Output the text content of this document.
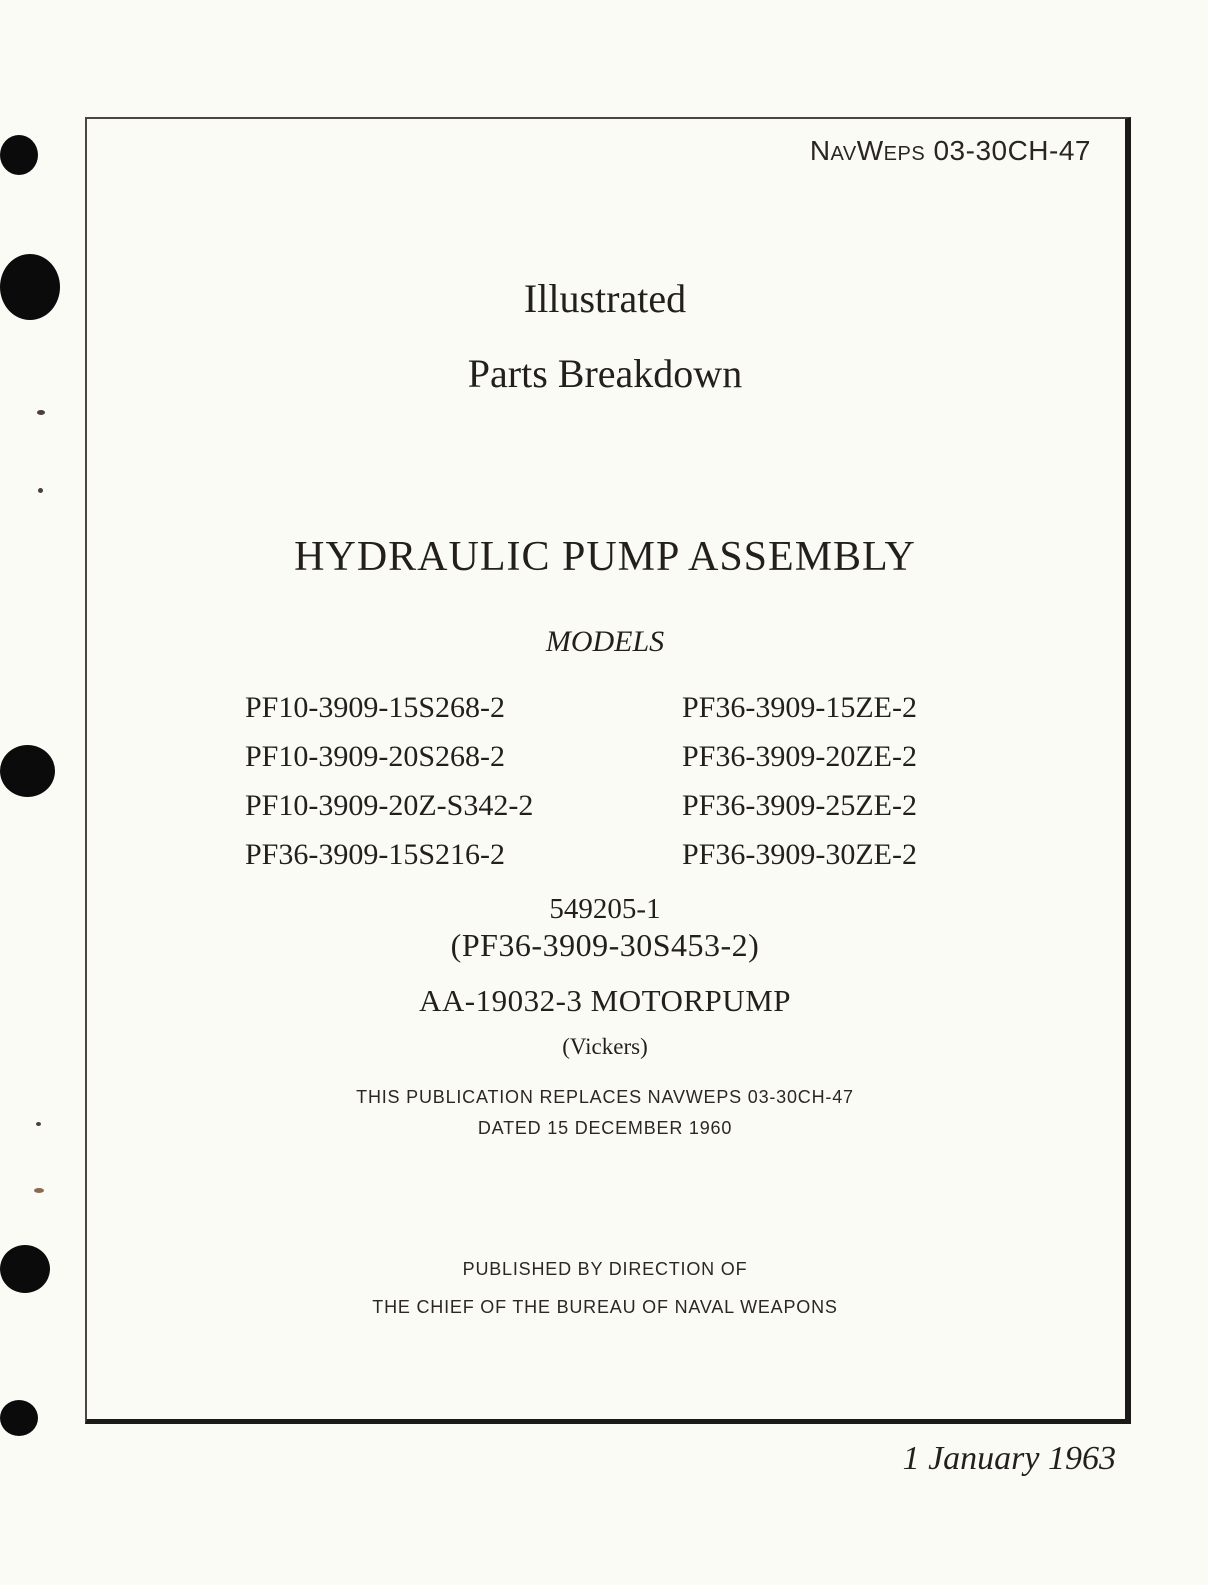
NavWeps 03-30CH-47
Illustrated
Parts Breakdown
HYDRAULIC PUMP ASSEMBLY
MODELS
PF10-3909-15S268-2	PF36-3909-15ZE-2
PF10-3909-20S268-2	PF36-3909-20ZE-2
PF10-3909-20Z-S342-2	PF36-3909-25ZE-2
PF36-3909-15S216-2	PF36-3909-30ZE-2
549205-1
(PF36-3909-30S453-2)
AA-19032-3 MOTORPUMP
(Vickers)
THIS PUBLICATION REPLACES NAVWEPS 03-30CH-47
DATED 15 DECEMBER 1960
PUBLISHED BY DIRECTION OF
THE CHIEF OF THE BUREAU OF NAVAL WEAPONS
1 January 1963
